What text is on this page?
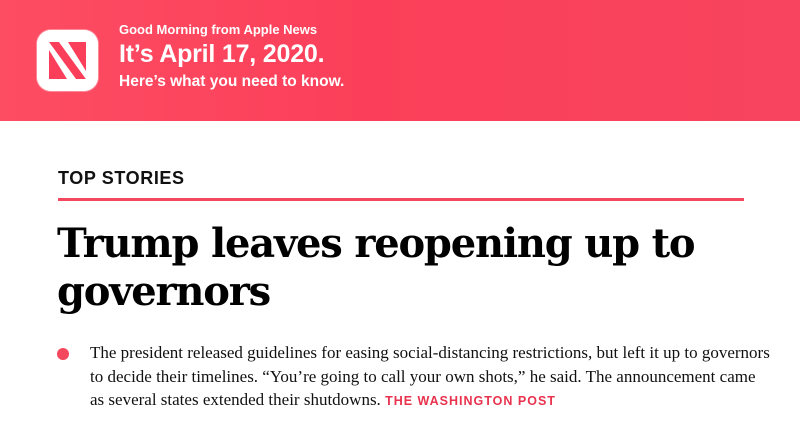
Good Morning from Apple News
It’s April 17, 2020.
Here’s what you need to know.
TOP STORIES
Trump leaves reopening up to governors

The president released guidelines for easing social-distancing restrictions, but left it up to governors to decide their timelines. “You’re going to call your own shots,” he said. The announcement came as several states extended their shutdowns. THE WASHINGTON POST
